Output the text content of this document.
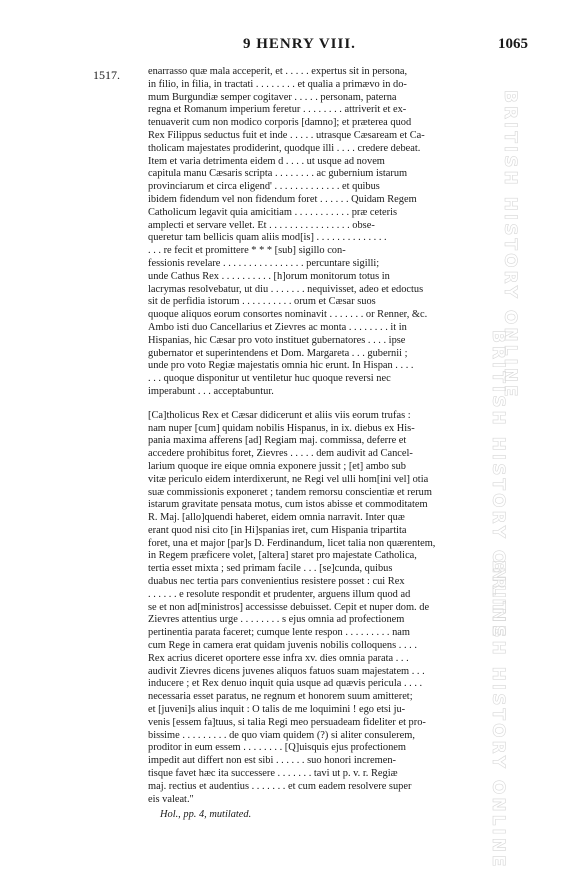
BRITISH HISTORY ONLINE
BRITISH HISTORY ONLINE
BRITISH HISTORY ONLINE
9 HENRY VIII.	1065
1517.	enarrasso quæ mala acceperit, et . . . . . expertus sit in persona,
in filio, in filia, in tractati . . . . . . . . et qualia a primævo in do-
mum Burgundiæ semper cogitaver . . . . . personam, paterna
regna et Romanum imperium feretur . . . . . . . . attriverit et ex-
tenuaverit cum non modico corporis [damno]; et præterea quod
Rex Filippus seductus fuit et inde . . . . . utrasque Cæsaream et Ca-
tholicam majestates prodiderint, quodque illi . . . . credere debeat.
Item et varia detrimenta eidem d . . . . ut usque ad novem
capitula manu Cæsaris scripta . . . . . . . . ac gubernium istarum
provinciarum et circa eligend' . . . . . . . . . . . . . et quibus
ibidem fidendum vel non fidendum foret . . . . . . Quidam Regem
Catholicum legavit quia amicitiam . . . . . . . . . . . præ ceteris
amplecti et servare vellet. Et . . . . . . . . . . . . . . . . obse-
queretur tam bellicis quam aliis mod[is] . . . . . . . . . . . . . .
. . . re fecit et promittere * * * [sub] sigillo con-
fessionis revelare . . . . . . . . . . . . . . . . percuntare sigilli;
unde Cathus Rex . . . . . . . . . . [h]orum monitorum totus in
lacrymas resolvebatur, ut diu . . . . . . . nequivisset, adeo et edoctus
sit de perfidia istorum . . . . . . . . . . orum et Cæsar suos
quoque aliquos eorum consortes nominavit . . . . . . . or Renner, &c.
Ambo isti duo Cancellarius et Zievres ac monta . . . . . . . . it in
Hispanias, hic Cæsar pro voto instituet gubernatores . . . . ipse
gubernator et superintendens et Dom. Margareta . . . gubernii ;
unde pro voto Regiæ majestatis omnia hic erunt. In Hispan . . . .
. . . quoque disponitur ut ventiletur huc quoque reversi nec
imperabunt . . . acceptabuntur.
[Ca]tholicus Rex et Cæsar didicerunt et aliis viis eorum trufas :
nam nuper [cum] quidam nobilis Hispanus, in ix. diebus ex His-
pania maxima afferens [ad] Regiam maj. commissa, deferre et
accedere prohibitus foret, Zievres . . . . . dem audivit ad Cancel-
larium quoque ire eique omnia exponere jussit ; [et] ambo sub
vitæ periculo eidem interdixerunt, ne Regi vel ulli hom[ini vel] otia
suæ commissionis exponeret ; tandem remorsu conscientiæ et rerum
istarum gravitate pensata motus, cum istos abisse et commoditatem
R. Maj. [allo]quendi haberet, eidem omnia narravit. Inter quæ
erant quod nisi cito [in Hi]spanias iret, cum Hispania tripartita
foret, una et major [par]s D. Ferdinandum, licet talia non quærentem,
in Regem præficere volet, [altera] staret pro majestate Catholica,
tertia esset mixta ; sed primam facile . . . [se]cunda, quibus
duabus nec tertia pars convenientius resistere posset : cui Rex
. . . . . . e resolute respondit et prudenter, arguens illum quod ad
se et non ad[ministros] accessisse debuisset. Cepit et nuper dom. de
Zievres attentius urge . . . . . . . . s ejus omnia ad profectionem
pertinentia parata faceret; cumque lente respon . . . . . . . . . nam
cum Rege in camera erat quidam juvenis nobilis colloquens . . . .
Rex acrius diceret oportere esse infra xv. dies omnia parata . . .
audivit Zievres dicens juvenes aliquos fatuos suam majestatem . . .
inducere ; et Rex denuo inquit quia usque ad quævis pericula . . . .
necessaria esset paratus, ne regnum et honorem suum amitteret;
et [juveni]s alius inquit : O talis de me loquimini ! ego etsi ju-
venis [essem fa]tuus, si talia Regi meo persuadeam fideliter et pro-
bissime . . . . . . . . . de quo viam quidem (?) si aliter consulerem,
proditor in eum essem . . . . . . . . [Q]uisquis ejus profectionem
impedit aut differt non est sibi . . . . . . suo honori incremen-
tisque favet hæc ita successere . . . . . . . tavi ut p. v. r. Regiæ
maj. rectius et audentius . . . . . . . et cum eadem resolvere super
eis valeat."
Hol., pp. 4, mutilated.
